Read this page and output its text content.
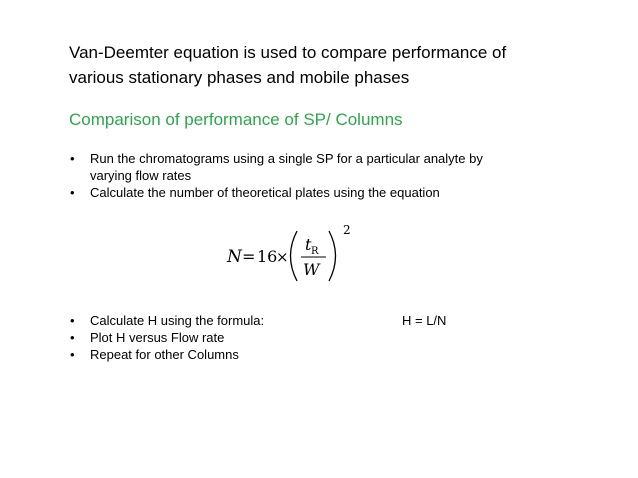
Van-Deemter equation is used to compare performance of
various stationary phases and mobile phases
Comparison of performance of SP/ Columns
• Run the chromatograms using a single SP for a particular analyte by
varying flow rates
• Calculate the number of theoretical plates using the equation
N = 16
×
t R
W
2
• Calculate H using the formula:	H = L/N
• Plot H versus Flow rate
• Repeat for other Columns
